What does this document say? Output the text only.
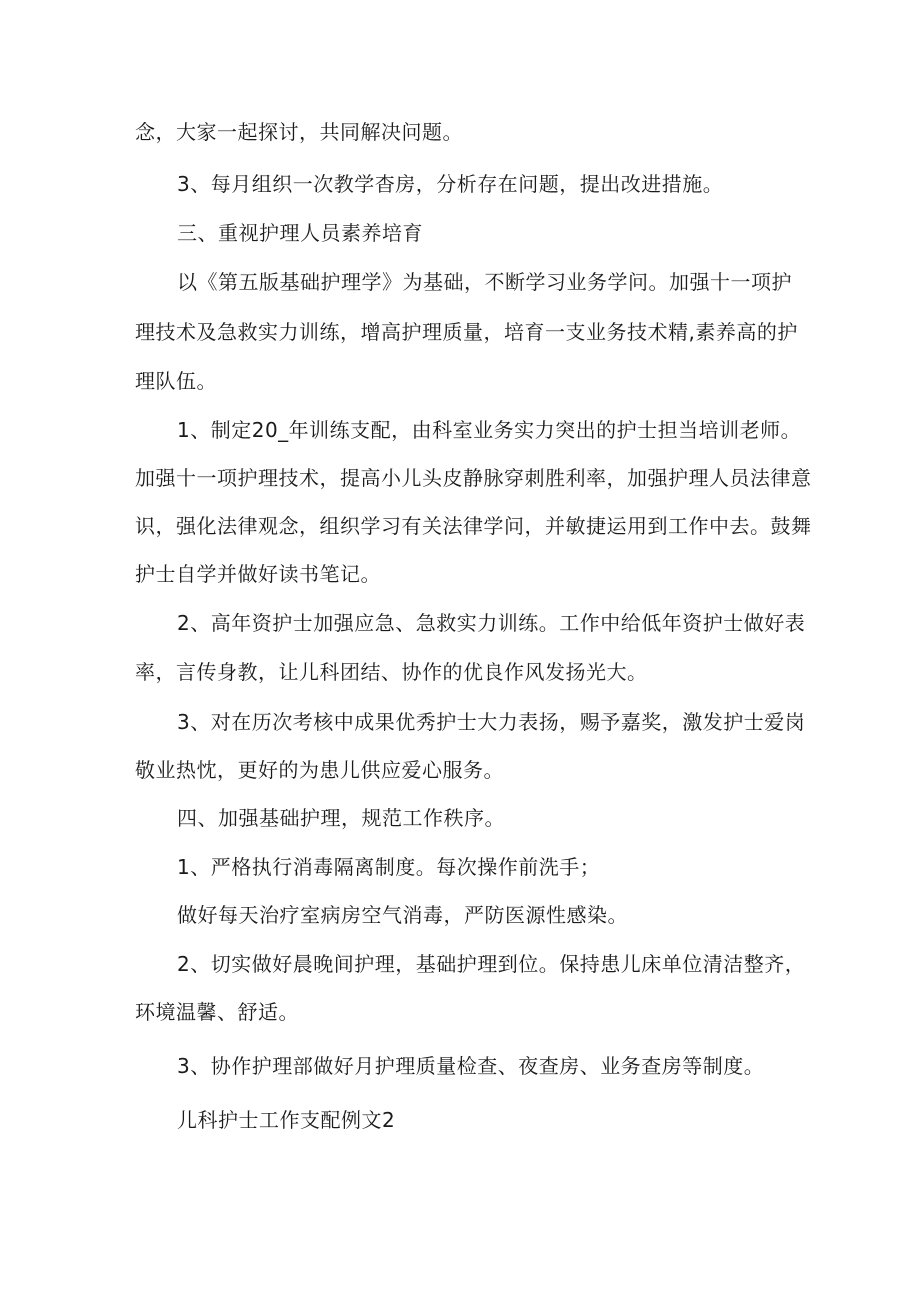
念，大家一起探讨，共同解决问题。
3、每月组织一次教学杳房，分析存在问题，提出改进措施。
三、重视护理人员素养培育
以《第五版基础护理学》为基础，不断学习业务学问。加强十一项护
理技术及急救实力训练，增高护理质量，培育一支业务技术精,素养高的护
理队伍。
1、制定20_年训练支配，由科室业务实力突出的护士担当培训老师。
加强十一项护理技术，提高小儿头皮静脉穿刺胜利率，加强护理人员法律意
识，强化法律观念，组织学习有关法律学问，并敏捷运用到工作中去。鼓舞
护士自学并做好读书笔记。
2、高年资护士加强应急、急救实力训练。工作中给低年资护士做好表
率，言传身教，让儿科团结、协作的优良作风发扬光大。
3、对在历次考核中成果优秀护士大力表扬，赐予嘉奖，激发护士爱岗
敬业热忱，更好的为患儿供应爱心服务。
四、加强基础护理，规范工作秩序。
1、严格执行消毒隔离制度。每次操作前洗手；
做好每天治疗室病房空气消毒，严防医源性感染。
2、切实做好晨晚间护理，基础护理到位。保持患儿床单位清洁整齐，
环境温馨、舒适。
3、协作护理部做好月护理质量检查、夜查房、业务查房等制度。
儿科护士工作支配例文2
